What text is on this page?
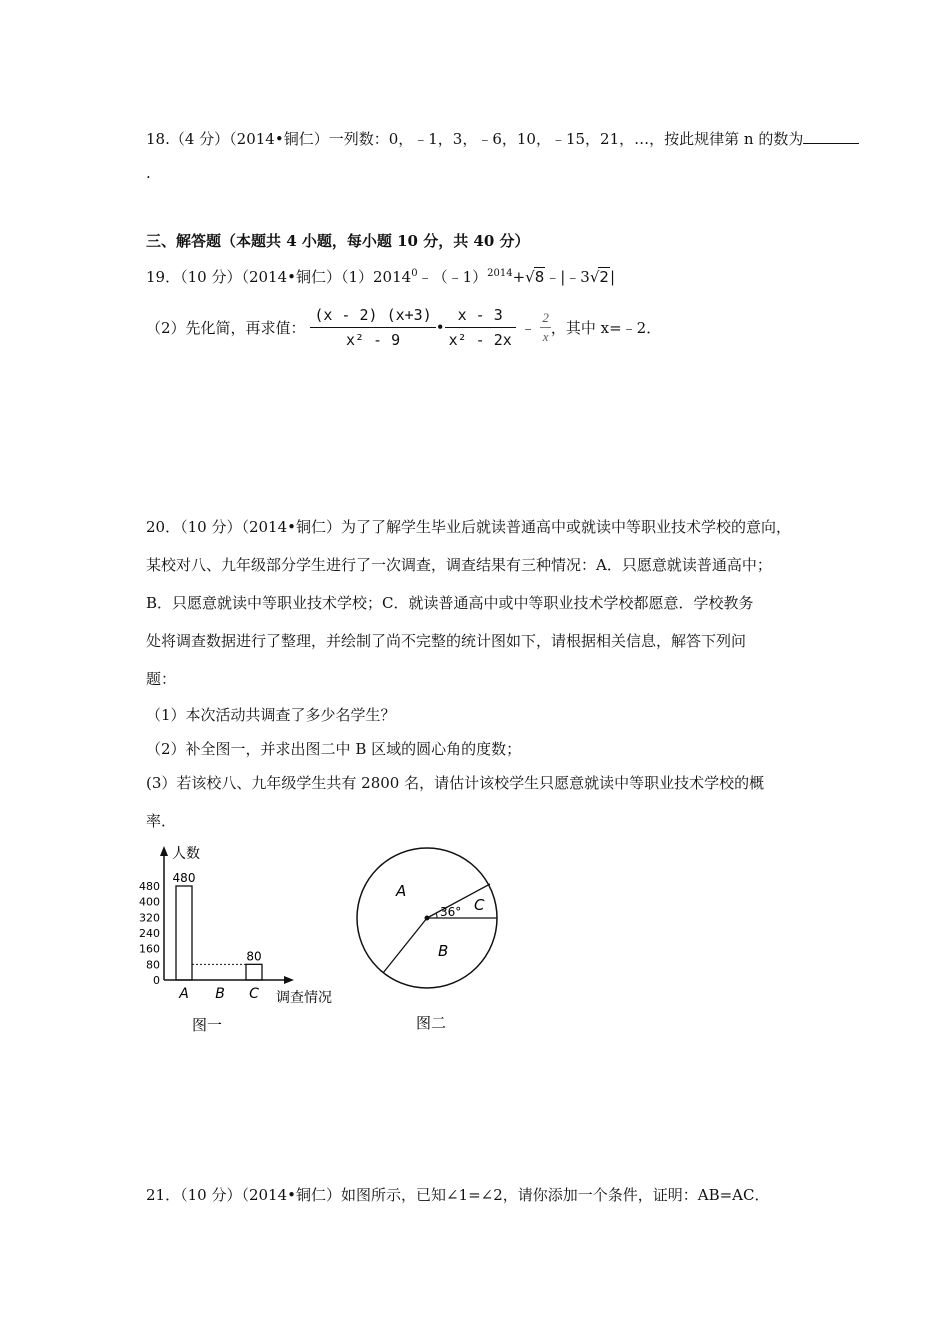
18.（4 分）（2014•铜仁）一列数：0，﹣1，3，﹣6，10，﹣15，21，…，按此规律第 n 的数为
.
三、解答题（本题共 4 小题，每小题 10 分，共 40 分）
19．（10 分）（2014•铜仁）$(1)2014^0﹣(﹣1)^{2014}+√8﹣|﹣3√2|$
（2）先化简，再求值： $\frac{(x - 2) (x+3)}{\text{x² - 9}}$ • $\frac{x - 3}{\text{x² - 2x}}$ ﹣ $\frac{2}{x}$ ，其中 x=﹣2．
20．（10 分）（2014•铜仁）为了了解学生毕业后就读普通高中或就读中等职业技术学校的意向，
某校对八、九年级部分学生进行了一次调查，调查结果有三种情况：A．只愿意就读普通高中；
B．只愿意就读中等职业技术学校；C．就读普通高中或中等职业技术学校都愿意．学校教务
处将调查数据进行了整理，并绘制了尚不完整的统计图如下，请根据相关信息，解答下列问
题：
（1）本次活动共调查了多少名学生？
（2）补全图一，并求出图二中 B 区域的圆心角的度数；
(3）若该校八、九年级学生共有 2800 名，请估计该校学生只愿意就读中等职业技术学校的概
率．
人数
调查情况
0
80
160
240
320
400
480
480
80
A B C
图一
A
B
C
36°
图二
21．（10 分）（2014•铜仁）如图所示，已知∠1=∠2，请你添加一个条件，证明：AB=AC．
